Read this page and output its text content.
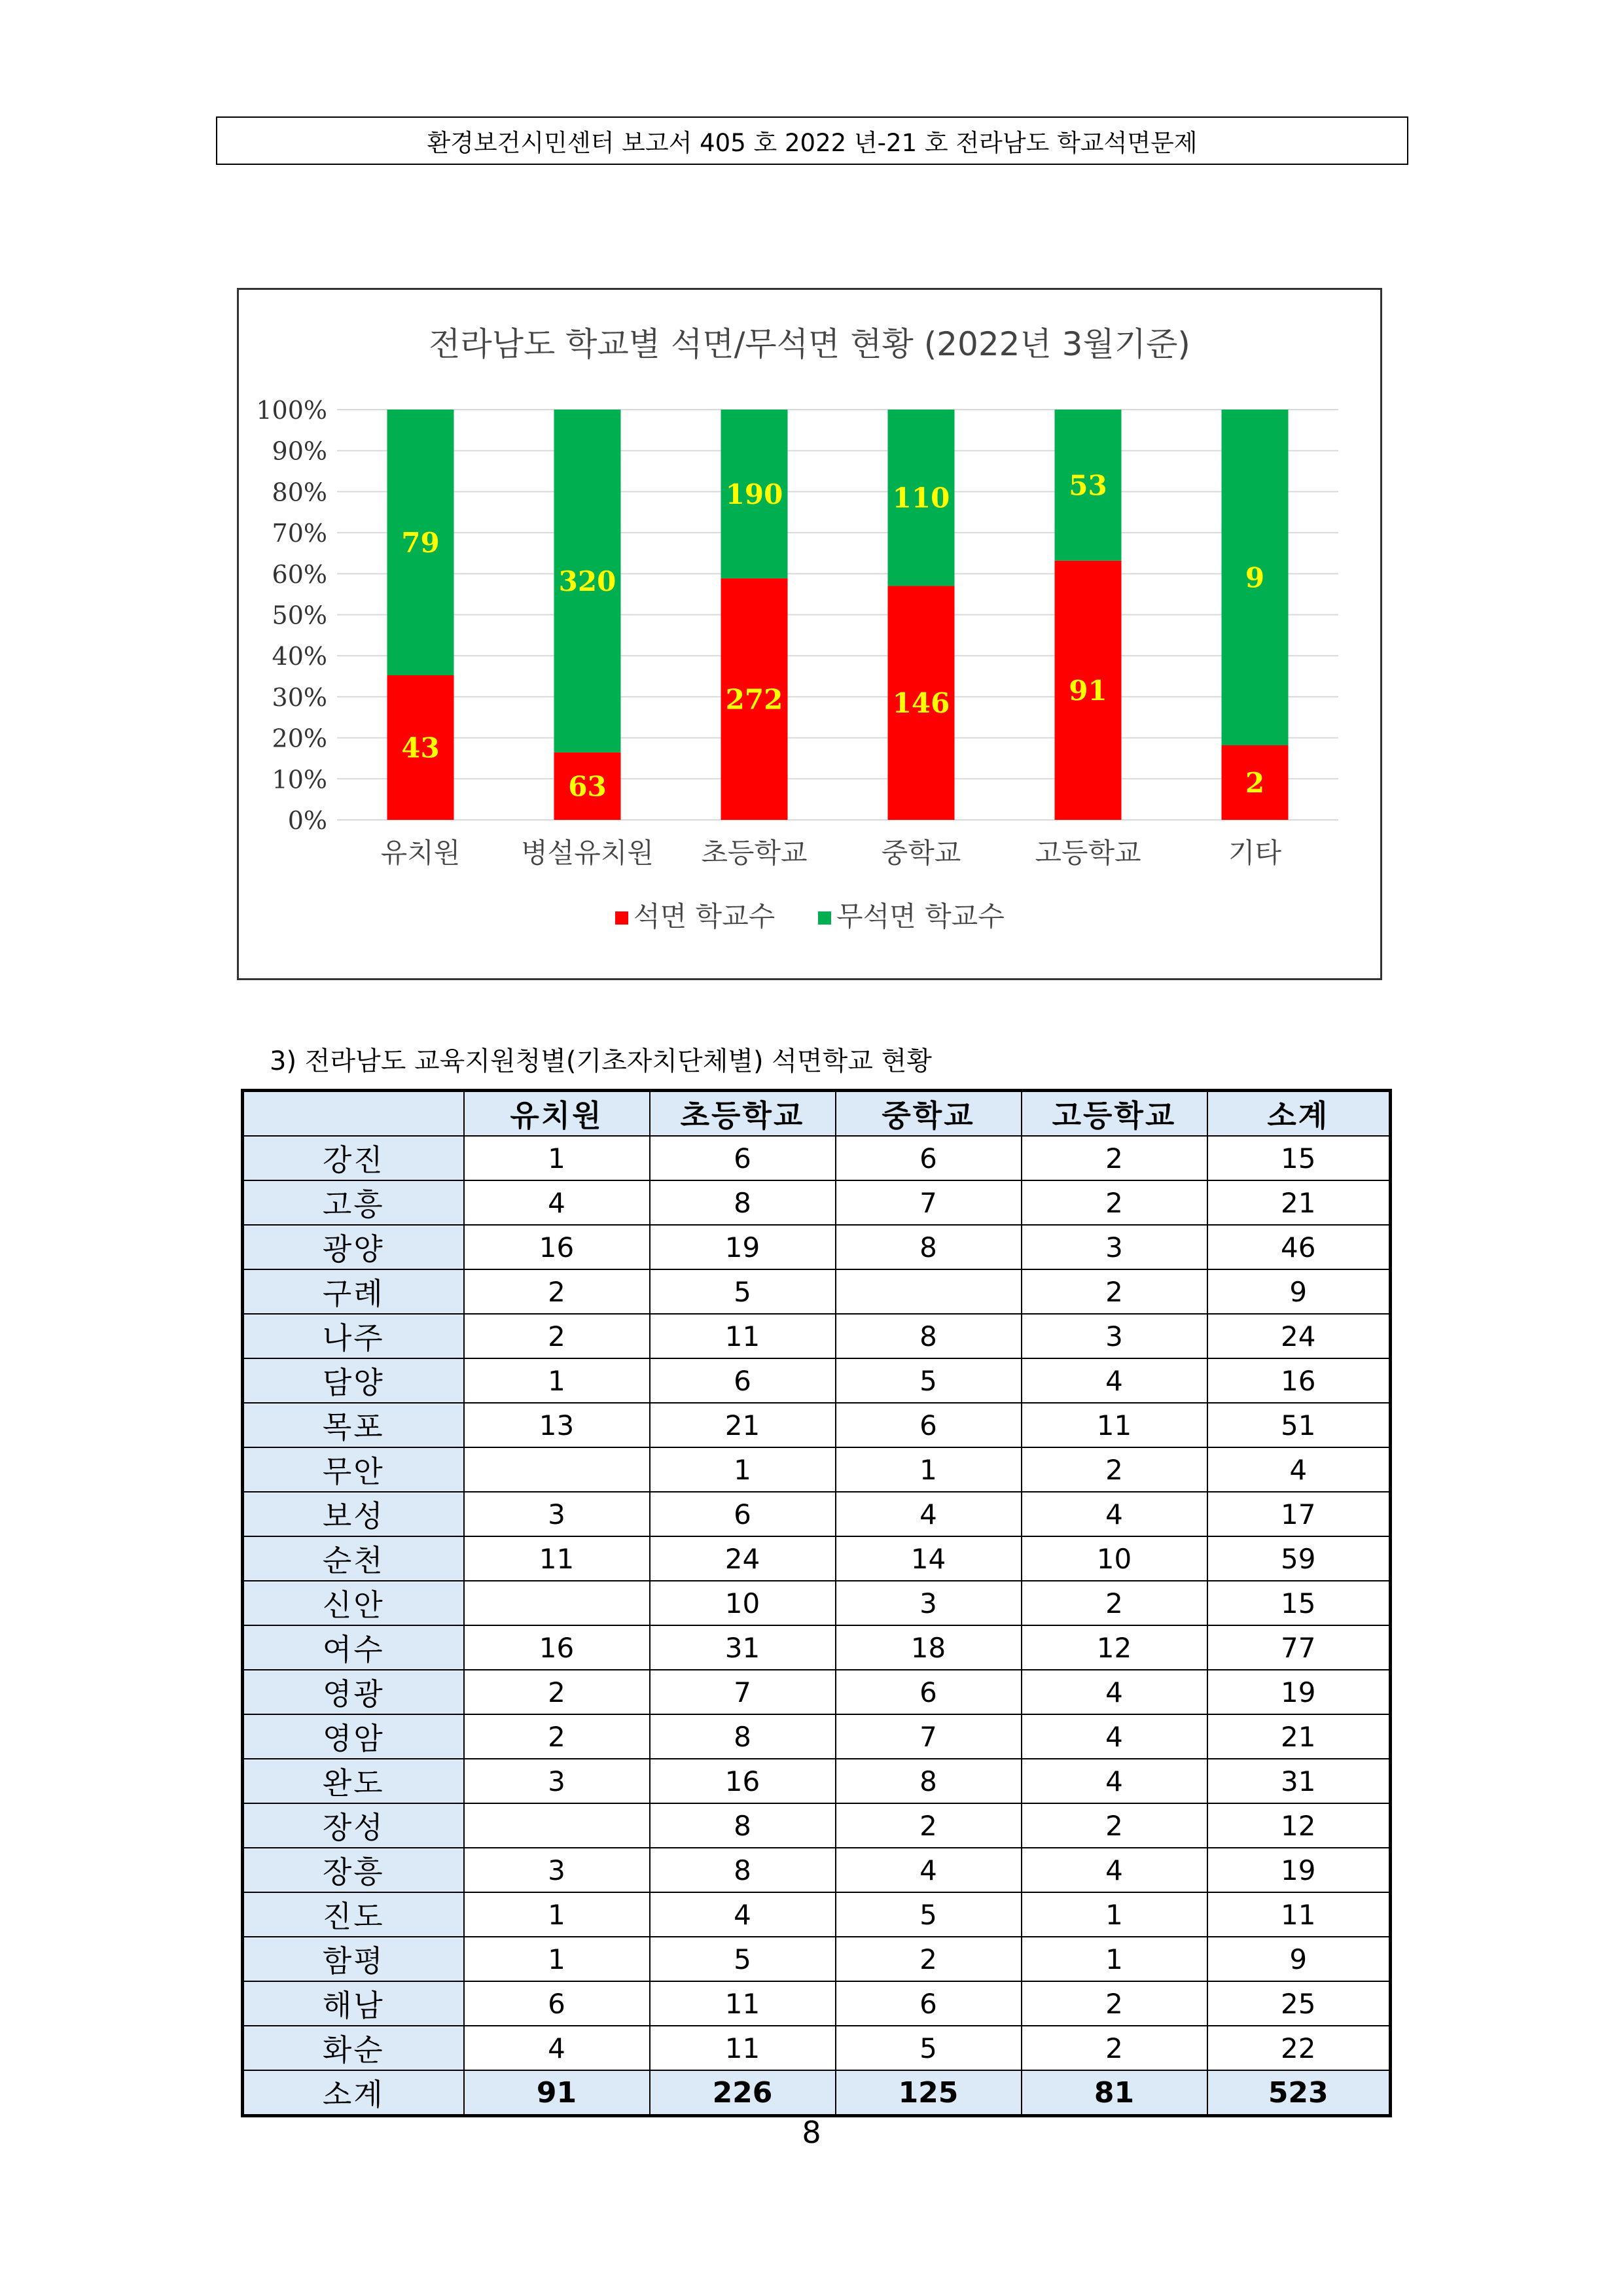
환경보건시민센터 보고서 405 호 2022 년-21 호 전라남도 학교석면문제
전라남도 학교별 석면/무석면 현황 (2022년 3월기준)
0%
10%
20%
30%
40%
50%
60%
70%
80%
90%
100%
43
79
유치원
63
320
병설유치원
272
190
초등학교
146
110
중학교
91
53
고등학교
2
9
기타
석면 학교수 무석면 학교수
3) 전라남도 교육지원청별(기초자치단체별) 석면학교 현황
	유치원	초등학교	중학교	고등학교	소계
강진	1	6	6	2	15
고흥	4	8	7	2	21
광양	16	19	8	3	46
구례	2	5		2	9
나주	2	11	8	3	24
담양	1	6	5	4	16
목포	13	21	6	11	51
무안		1	1	2	4
보성	3	6	4	4	17
순천	11	24	14	10	59
신안		10	3	2	15
여수	16	31	18	12	77
영광	2	7	6	4	19
영암	2	8	7	4	21
완도	3	16	8	4	31
장성		8	2	2	12
장흥	3	8	4	4	19
진도	1	4	5	1	11
함평	1	5	2	1	9
해남	6	11	6	2	25
화순	4	11	5	2	22
소계	91	226	125	81	523
8
